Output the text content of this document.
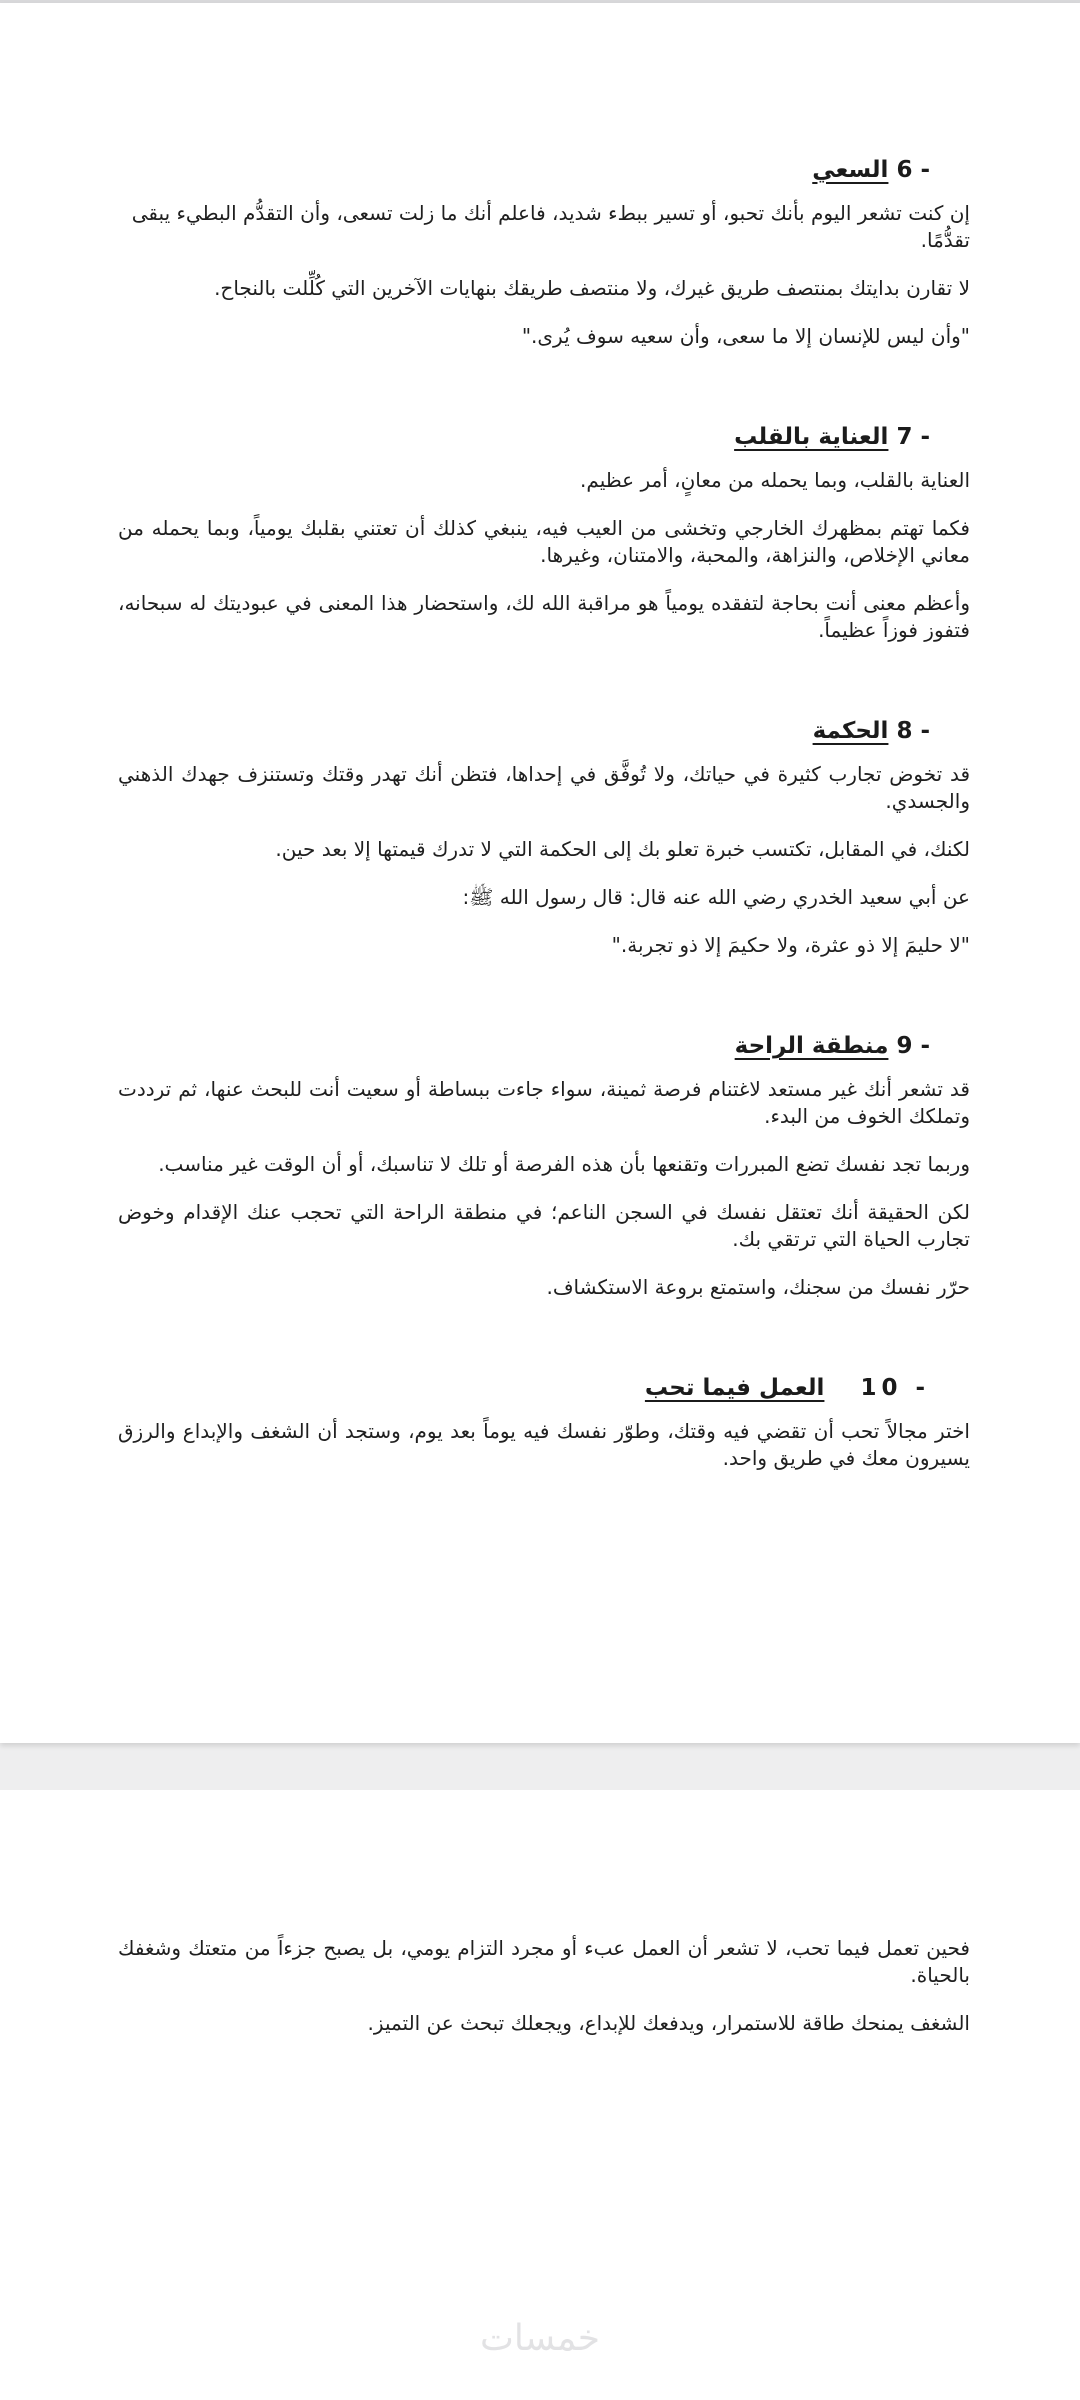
6 -
السعي

إن كنت تشعر اليوم بأنك تحبو، أو تسير ببطء شديد، فاعلم أنك ما زلت تسعى، وأن التقدُّم البطيء يبقى تقدُّمًا.

لا تقارن بدايتك بمنتصف طريق غيرك، ولا منتصف طريقك بنهايات الآخرين التي كُلِّلت بالنجاح.

"وأن ليس للإنسان إلا ما سعى، وأن سعيه سوف يُرى."

7 -
العناية بالقلب

العناية بالقلب، وبما يحمله من معانٍ، أمر عظيم.

فكما تهتم بمظهرك الخارجي وتخشى من العيب فيه، ينبغي كذلك أن تعتني بقلبك يومياً، وبما يحمله من معاني الإخلاص، والنزاهة، والمحبة، والامتنان، وغيرها.

وأعظم معنى أنت بحاجة لتفقده يومياً هو مراقبة الله لك، واستحضار هذا المعنى في عبوديتك له سبحانه، فتفوز فوزاً عظيماً.

8 -
الحكمة

قد تخوض تجارب كثيرة في حياتك، ولا تُوفَّق في إحداها، فتظن أنك تهدر وقتك وتستنزف جهدك الذهني والجسدي.

لكنك، في المقابل، تكتسب خبرة تعلو بك إلى الحكمة التي لا تدرك قيمتها إلا بعد حين.

عن أبي سعيد الخدري رضي الله عنه قال: قال رسول الله ﷺ:

"لا حليمَ إلا ذو عثرة، ولا حكيمَ إلا ذو تجربة."

9 -
منطقة الراحة

قد تشعر أنك غير مستعد لاغتنام فرصة ثمينة، سواء جاءت ببساطة أو سعيت أنت للبحث عنها، ثم ترددت وتملكك الخوف من البدء.

وربما تجد نفسك تضع المبررات وتقنعها بأن هذه الفرصة أو تلك لا تناسبك، أو أن الوقت غير مناسب.

لكن الحقيقة أنك تعتقل نفسك في السجن الناعم؛ في منطقة الراحة التي تحجب عنك الإقدام وخوض تجارب الحياة التي ترتقي بك.

حرّر نفسك من سجنك، واستمتع بروعة الاستكشاف.

10 -
العمل فيما تحب

اختر مجالاً تحب أن تقضي فيه وقتك، وطوّر نفسك فيه يوماً بعد يوم، وستجد أن الشغف والإبداع والرزق يسيرون معك في طريق واحد.

فحين تعمل فيما تحب، لا تشعر أن العمل عبء أو مجرد التزام يومي، بل يصبح جزءاً من متعتك وشغفك بالحياة.

الشغف يمنحك طاقة للاستمرار، ويدفعك للإبداع، ويجعلك تبحث عن التميز.

خمسات
